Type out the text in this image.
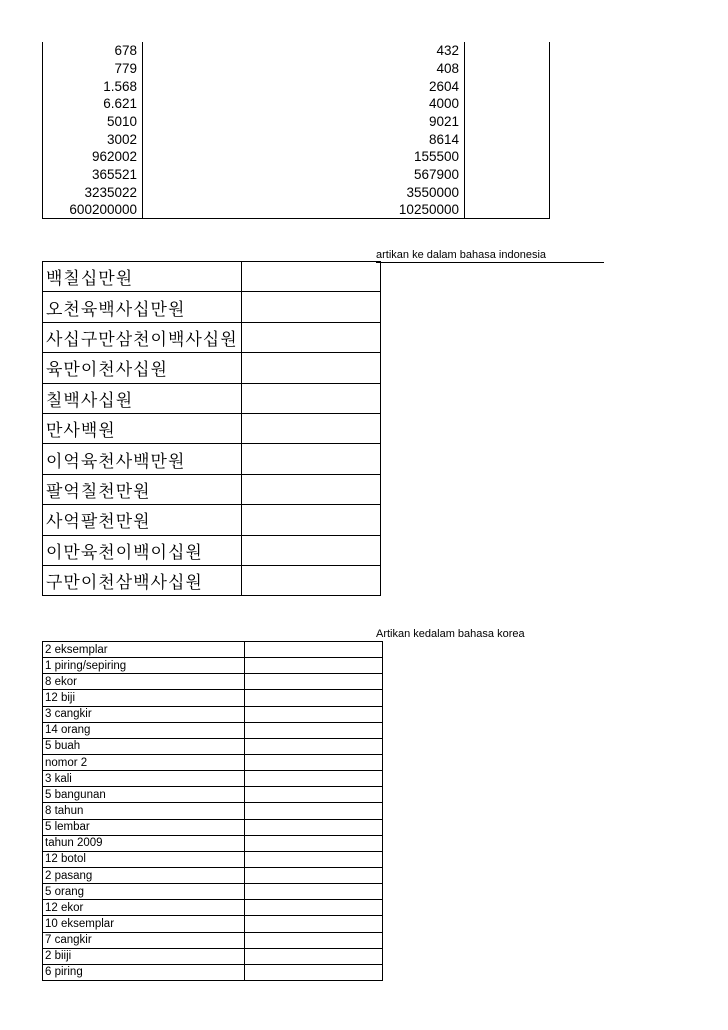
678	432	
779	408	
1.568	2604	
6.621	4000	
5010	9021	
3002	8614	
962002	155500	
365521	567900	
3235022	3550000	
600200000	10250000	
artikan ke dalam bahasa indonesia
백칠십만원	
오천육백사십만원	
사십구만삼천이백사십원	
육만이천사십원	
칠백사십원	
만사백원	
이억육천사백만원	
팔억칠천만원	
사억팔천만원	
이만육천이백이십원	
구만이천삼백사십원	
Artikan kedalam bahasa korea
2 eksemplar	
1 piring/sepiring	
8 ekor	
12 biji	
3 cangkir	
14 orang	
5 buah	
nomor 2	
3 kali	
5 bangunan	
8 tahun	
5 lembar	
tahun 2009	
12 botol	
2 pasang	
5 orang	
12 ekor	
10 eksemplar	
7 cangkir	
2 biiji	
6 piring	
